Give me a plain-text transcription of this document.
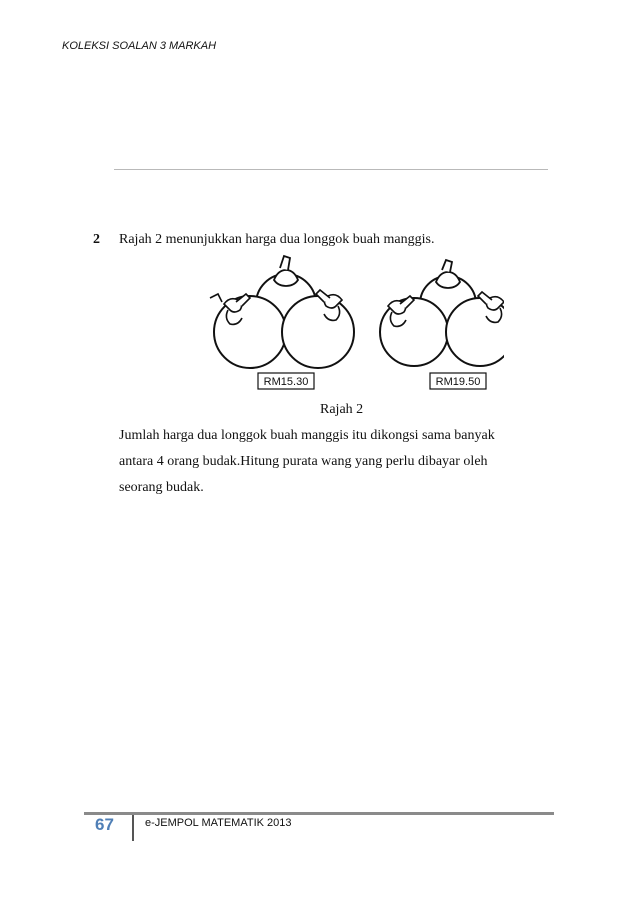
KOLEKSI SOALAN 3 MARKAH
2 Rajah 2 menunjukkan harga dua longgok buah manggis.
RM15.30	RM19.50
Rajah 2
Jumlah harga dua longgok buah manggis itu dikongsi sama banyak
antara 4 orang budak.Hitung purata wang yang perlu dibayar oleh
seorang budak.
67	e-JEMPOL MATEMATIK 2013
